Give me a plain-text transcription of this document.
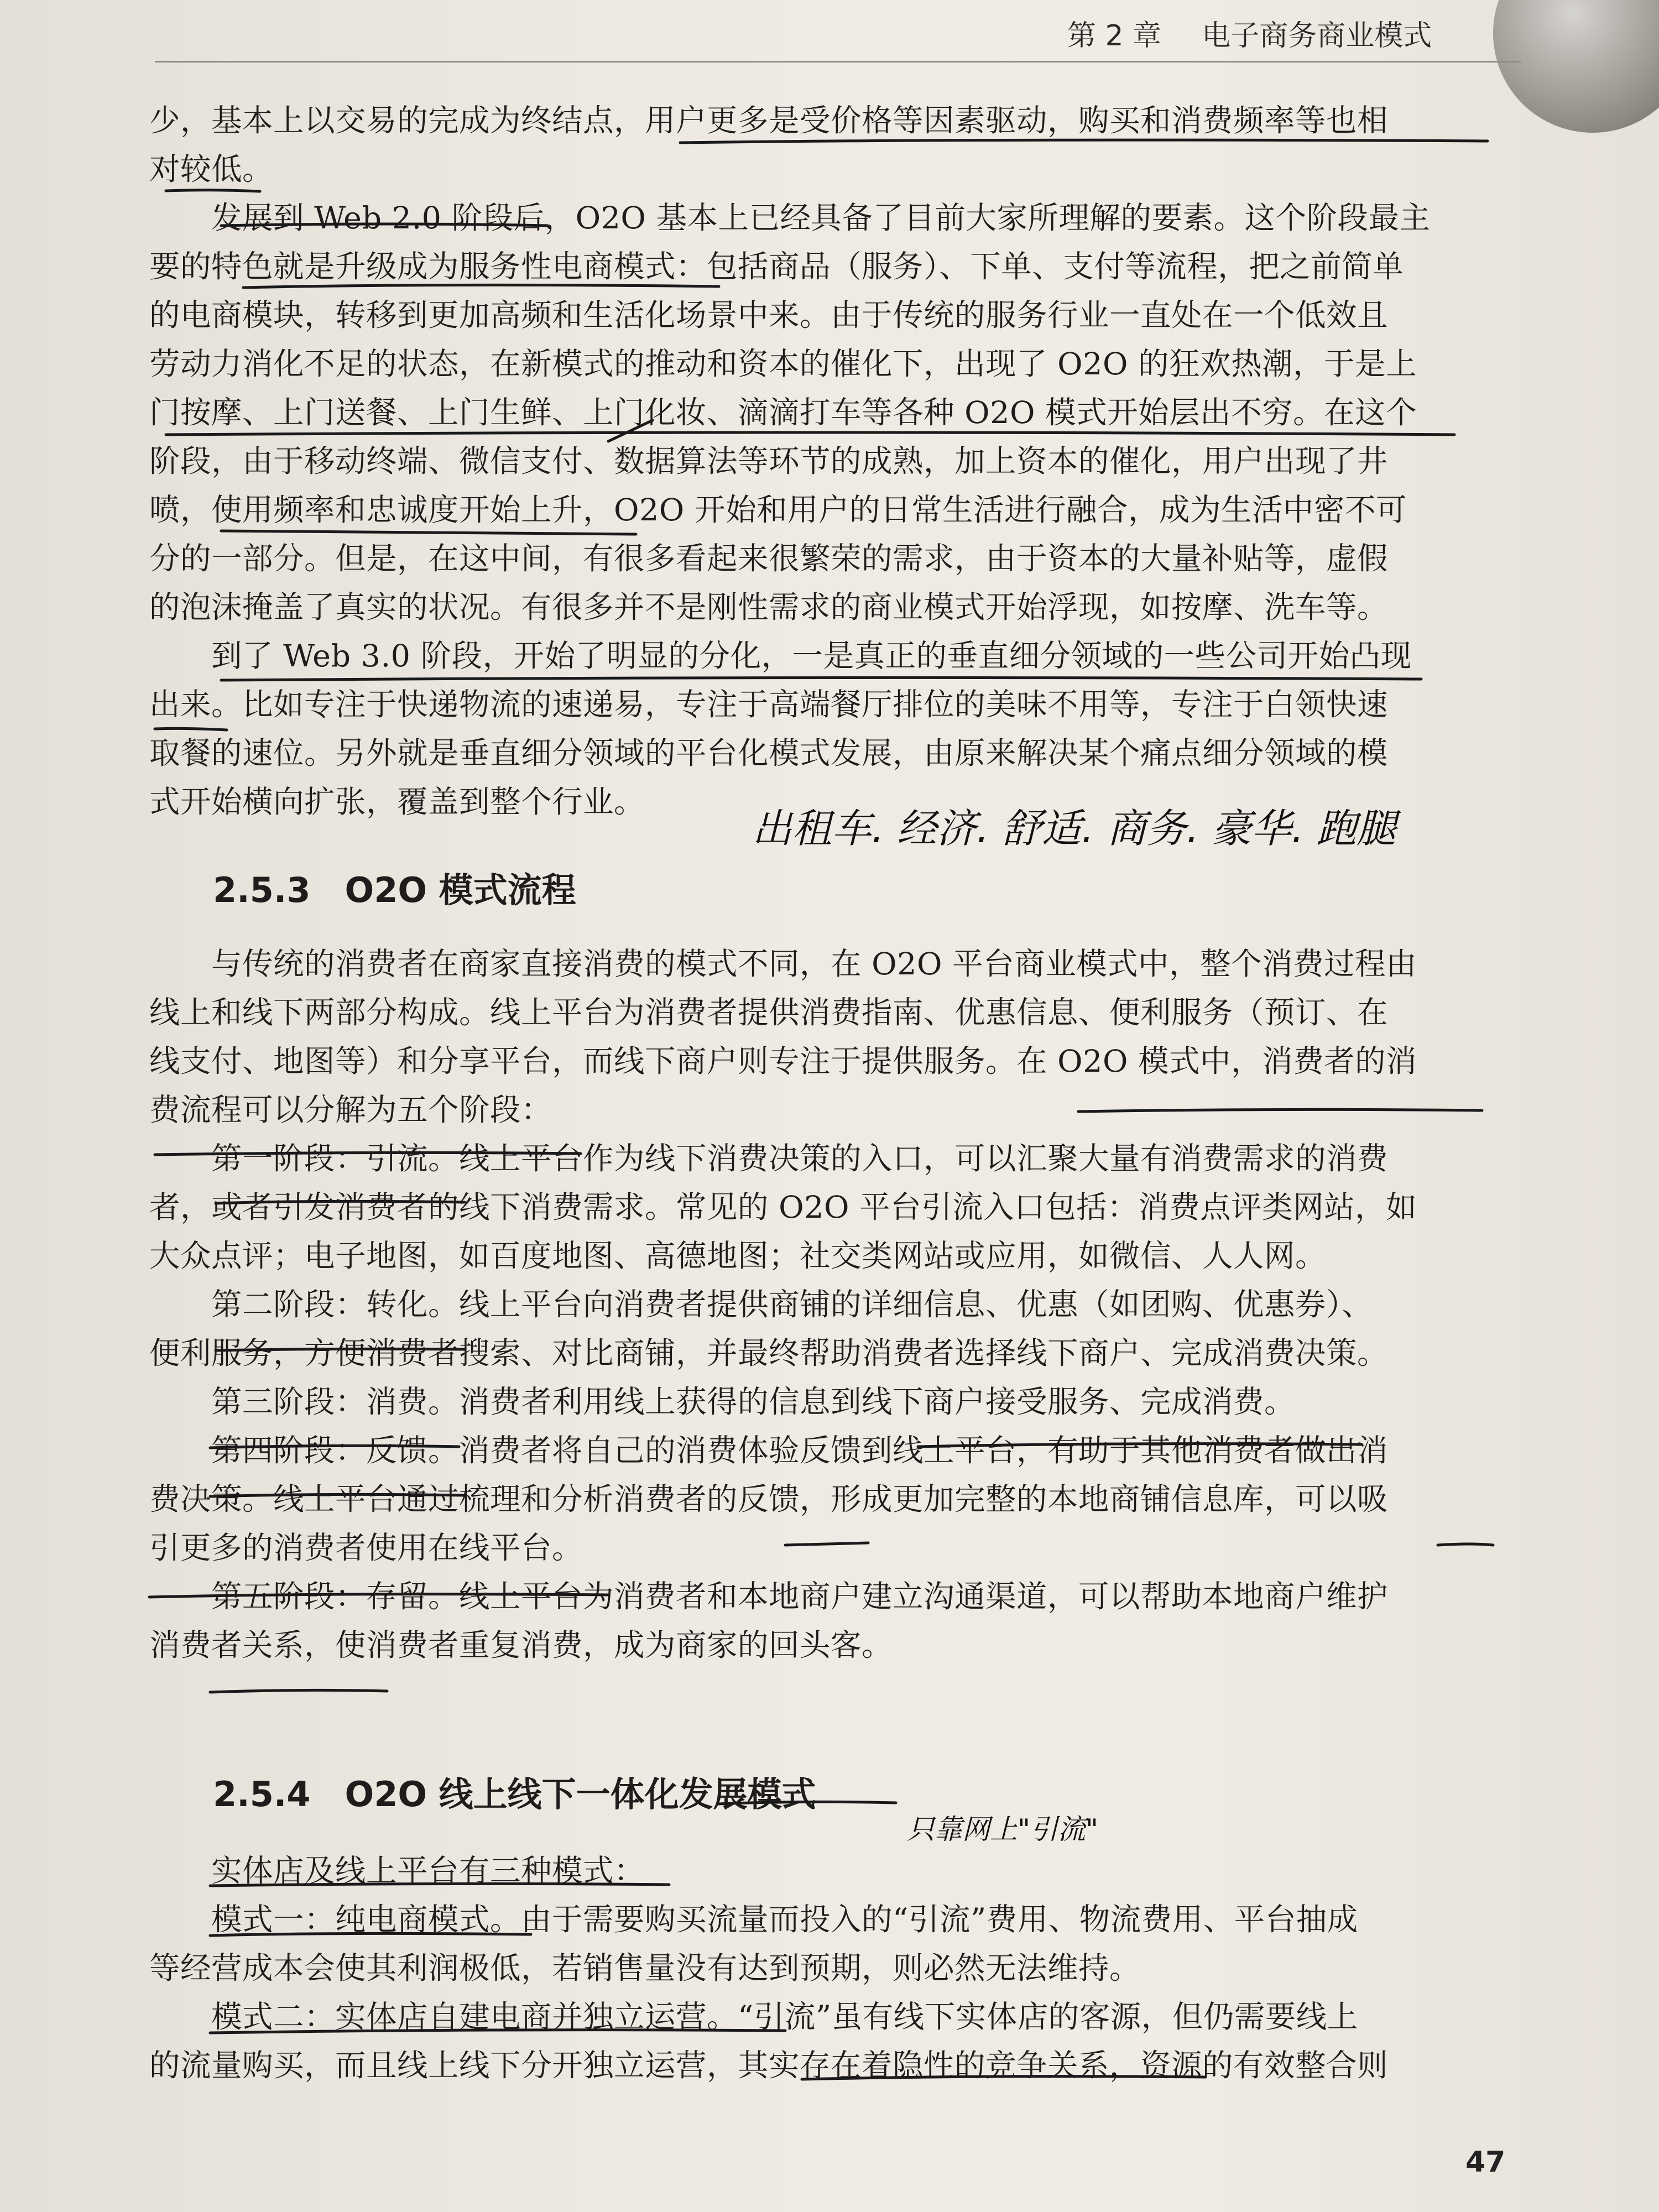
第 2 章 电子商务商业模式
少，基本上以交易的完成为终结点，用户更多是受价格等因素驱动，购买和消费频率等也相
对较低。
发展到 Web 2.0 阶段后，O2O 基本上已经具备了目前大家所理解的要素。这个阶段最主
要的特色就是升级成为服务性电商模式：包括商品（服务）、下单、支付等流程，把之前简单
的电商模块，转移到更加高频和生活化场景中来。由于传统的服务行业一直处在一个低效且
劳动力消化不足的状态，在新模式的推动和资本的催化下，出现了 O2O 的狂欢热潮，于是上
门按摩、上门送餐、上门生鲜、上门化妆、滴滴打车等各种 O2O 模式开始层出不穷。在这个
阶段，由于移动终端、微信支付、数据算法等环节的成熟，加上资本的催化，用户出现了井
喷，使用频率和忠诚度开始上升，O2O 开始和用户的日常生活进行融合，成为生活中密不可
分的一部分。但是，在这中间，有很多看起来很繁荣的需求，由于资本的大量补贴等，虚假
的泡沫掩盖了真实的状况。有很多并不是刚性需求的商业模式开始浮现，如按摩、洗车等。
到了 Web 3.0 阶段，开始了明显的分化，一是真正的垂直细分领域的一些公司开始凸现
出来。比如专注于快递物流的速递易，专注于高端餐厅排位的美味不用等，专注于白领快速
取餐的速位。另外就是垂直细分领域的平台化模式发展，由原来解决某个痛点细分领域的模
式开始横向扩张，覆盖到整个行业。
出租车. 经济. 舒适. 商务. 豪华. 跑腿
2.5.3　O2O 模式流程
与传统的消费者在商家直接消费的模式不同，在 O2O 平台商业模式中，整个消费过程由
线上和线下两部分构成。线上平台为消费者提供消费指南、优惠信息、便利服务（预订、在
线支付、地图等）和分享平台，而线下商户则专注于提供服务。在 O2O 模式中，消费者的消
费流程可以分解为五个阶段：
第一阶段：引流。线上平台作为线下消费决策的入口，可以汇聚大量有消费需求的消费
者，或者引发消费者的线下消费需求。常见的 O2O 平台引流入口包括：消费点评类网站，如
大众点评；电子地图，如百度地图、高德地图；社交类网站或应用，如微信、人人网。
第二阶段：转化。线上平台向消费者提供商铺的详细信息、优惠（如团购、优惠券）、
便利服务，方便消费者搜索、对比商铺，并最终帮助消费者选择线下商户、完成消费决策。
第三阶段：消费。消费者利用线上获得的信息到线下商户接受服务、完成消费。
第四阶段：反馈。消费者将自己的消费体验反馈到线上平台，有助于其他消费者做出消
费决策。线上平台通过梳理和分析消费者的反馈，形成更加完整的本地商铺信息库，可以吸
引更多的消费者使用在线平台。
第五阶段：存留。线上平台为消费者和本地商户建立沟通渠道，可以帮助本地商户维护
消费者关系，使消费者重复消费，成为商家的回头客。
2.5.4　O2O 线上线下一体化发展模式
只靠网上"引流"
实体店及线上平台有三种模式：
模式一：纯电商模式。由于需要购买流量而投入的“引流”费用、物流费用、平台抽成
等经营成本会使其利润极低，若销售量没有达到预期，则必然无法维持。
模式二：实体店自建电商并独立运营。“引流”虽有线下实体店的客源，但仍需要线上
的流量购买，而且线上线下分开独立运营，其实存在着隐性的竞争关系，资源的有效整合则
47
